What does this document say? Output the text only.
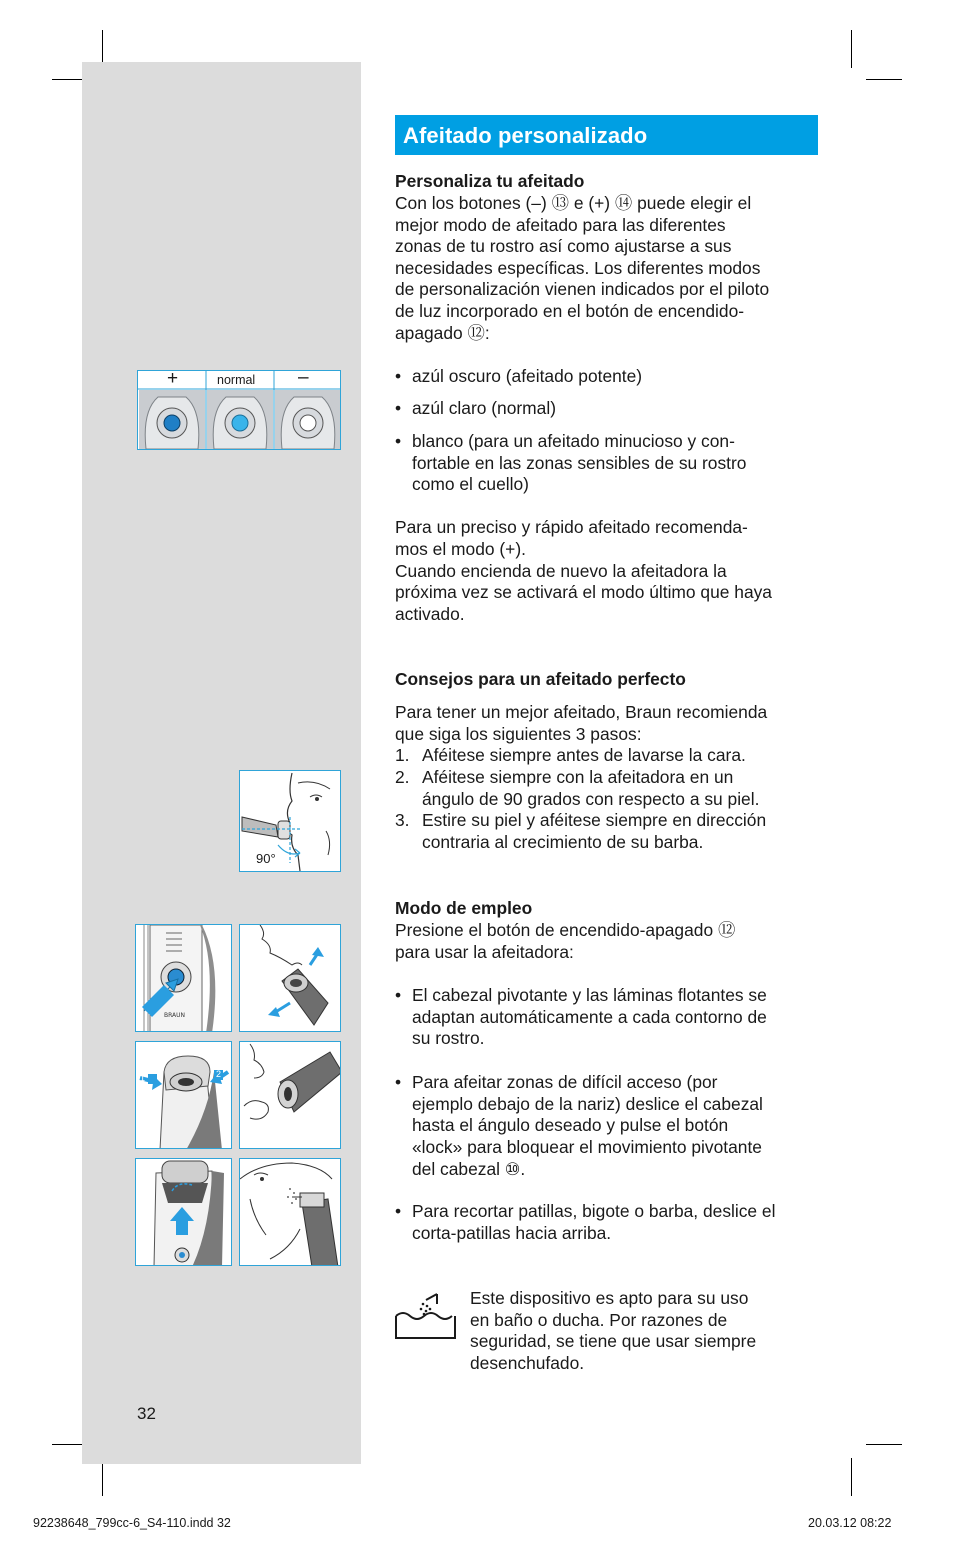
Afeitado personalizado
Personaliza tu afeitado
Con los botones (–) ⑬ e (+) ⑭ puede elegir el
mejor modo de afeitado para las diferentes
zonas de tu rostro así como ajustarse a sus
necesidades específicas. Los diferentes modos
de personalización vienen indicados por el piloto
de luz incorporado en el botón de encendido-
apagado ⑫:
• azúl oscuro (afeitado potente)
• azúl claro (normal)
• blanco (para un afeitado minucioso y con-
fortable en las zonas sensibles de su rostro
como el cuello)
Para un preciso y rápido afeitado recomenda-
mos el modo (+).
Cuando encienda de nuevo la afeitadora la
próxima vez se activará el modo último que haya
activado.
Consejos para un afeitado perfecto
Para tener un mejor afeitado, Braun recomienda
que siga los siguientes 3 pasos:
1. Aféitese siempre antes de lavarse la cara.
2. Aféitese siempre con la afeitadora en un
ángulo de 90 grados con respecto a su piel.
3. Estire su piel y aféitese siempre en dirección
contraria al crecimiento de su barba.
Modo de empleo
Presione el botón de encendido-apagado ⑫
para usar la afeitadora:
• El cabezal pivotante y las láminas flotantes se
adaptan automáticamente a cada contorno de
su rostro.
• Para afeitar zonas de difícil acceso (por
ejemplo debajo de la nariz) deslice el cabezal
hasta el ángulo deseado y pulse el botón
«lock» para bloquear el movimiento pivotante
del cabezal ⑩.
• Para recortar patillas, bigote o barba, deslice el
corta-patillas hacia arriba.
Este dispositivo es apto para su uso
en baño o ducha. Por razones de
seguridad, se tiene que usar siempre
desenchufado.
+	normal –
90°
BRAUN
1	2
32
92238648_799cc-6_S4-110.indd 32	20.03.12 08:22
